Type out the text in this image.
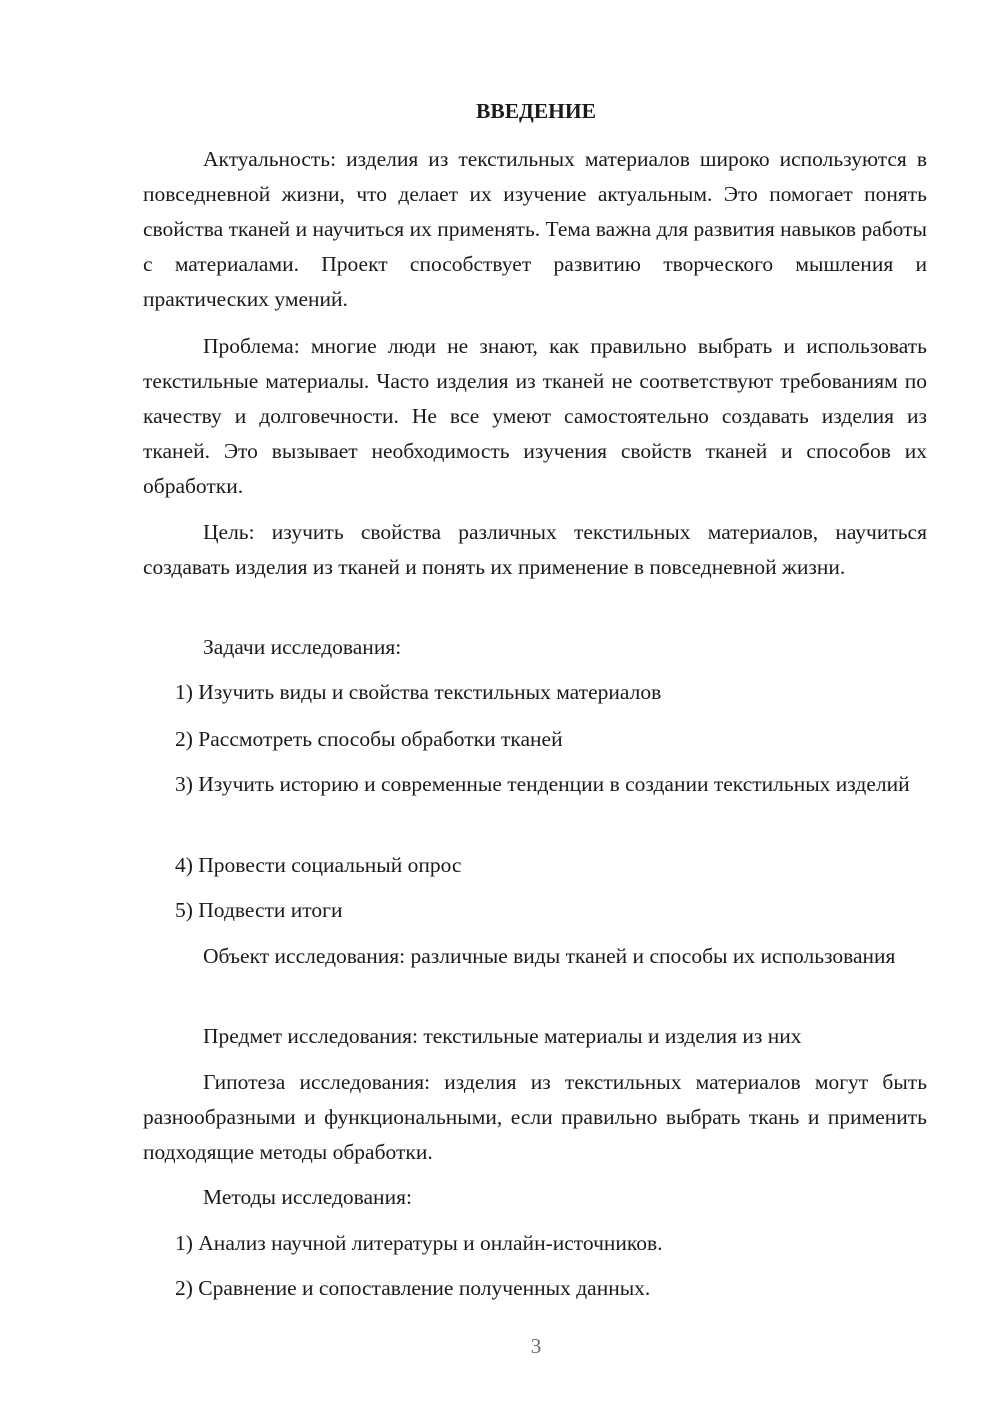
ВВЕДЕНИЕ

Актуальность: изделия из текстильных материалов широко используются в повседневной жизни, что делает их изучение актуальным. Это помогает понять свойства тканей и научиться их применять. Тема важна для развития навыков работы с материалами. Проект способствует развитию творческого мышления и практических умений.

Проблема: многие люди не знают, как правильно выбрать и использовать текстильные материалы. Часто изделия из тканей не соответствуют требованиям по качеству и долговечности. Не все умеют самостоятельно создавать изделия из тканей. Это вызывает необходимость изучения свойств тканей и способов их обработки.

Цель: изучить свойства различных текстильных материалов, научиться создавать изделия из тканей и понять их применение в повседневной жизни.

Задачи исследования:

1) Изучить виды и свойства текстильных материалов

2) Рассмотреть способы обработки тканей

3) Изучить историю и современные тенденции в создании текстильных изделий

4) Провести социальный опрос

5) Подвести итоги

Объект исследования: различные виды тканей и способы их использования

Предмет исследования: текстильные материалы и изделия из них

Гипотеза исследования: изделия из текстильных материалов могут быть разнообразными и функциональными, если правильно выбрать ткань и применить подходящие методы обработки.

Методы исследования:

1) Анализ научной литературы и онлайн-источников.

2) Сравнение и сопоставление полученных данных.

3
